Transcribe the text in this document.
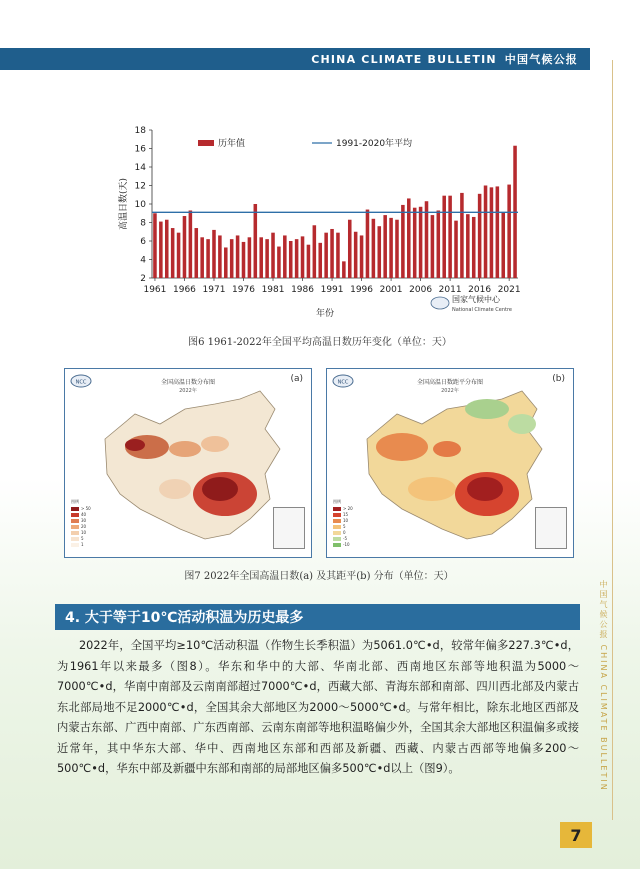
CHINA CLIMATE BULLETIN 中国气候公报
2
4
6
8
10
12
14
16
18
高温日数(天)
1961 1966 1971 1976 1981 1986 1991 1996 2001 2006 2011 2016 2021
年份
历年值	1991-2020年平均
国家气候中心
National Climate Centre
图6 1961-2022年全国平均高温日数历年变化（单位：天）
NCC	全国高温日数分布图
2022年
(a)
图例
> 50
40
30
20
10
5
1
NCC	全国高温日数距平分布图
2022年
(b)
图例
> 20
15
10
5
0
-5
-10
图7 2022年全国高温日数(a) 及其距平(b) 分布（单位：天）
4. 大于等于10℃活动积温为历史最多
2022年，全国平均≥10℃活动积温（作物生长季积温）为5061.0℃•d，较常年偏多227.3℃•d，为1961年以来最多（图8）。华东和华中的大部、华南北部、西南地区东部等地积温为5000～7000℃•d，华南中南部及云南南部超过7000℃•d，西藏大部、青海东部和南部、四川西北部及内蒙古东北部局地不足2000℃•d，全国其余大部地区为2000～5000℃•d。与常年相比，除东北地区西部及内蒙古东部、广西中南部、广东西南部、云南东南部等地积温略偏少外，全国其余大部地区积温偏多或接近常年，其中华东大部、华中、西南地区东部和西部及新疆、西藏、内蒙古西部等地偏多200～500℃•d，华东中部及新疆中东部和南部的局部地区偏多500℃•d以上（图9）。	中国气候公报 CHINA CLIMATE BULLETIN
7
